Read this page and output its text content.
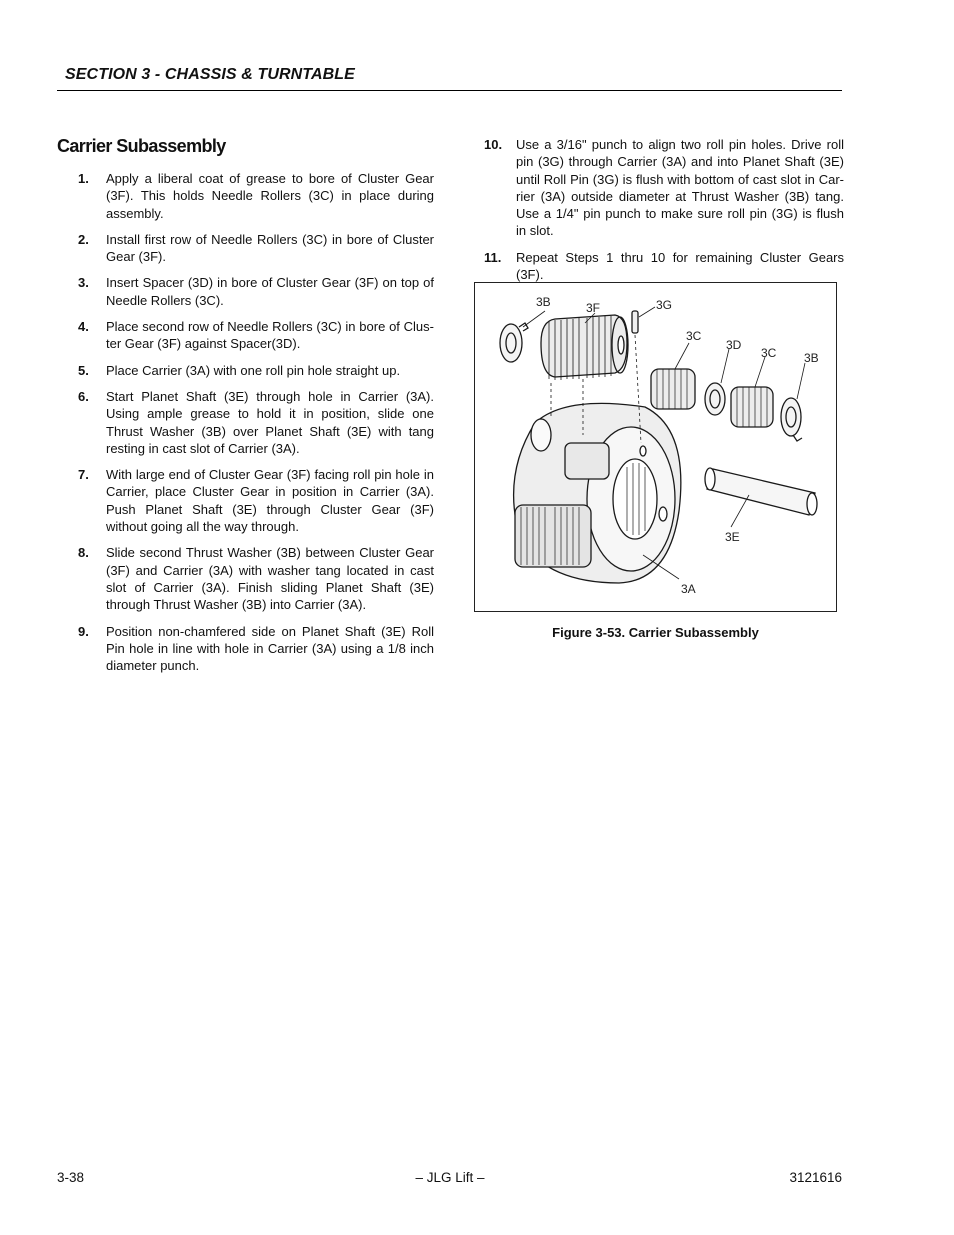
SECTION 3 - CHASSIS & TURNTABLE
Carrier Subassembly
1.	Apply a liberal coat of grease to bore of Cluster Gear (3F). This holds Needle Rollers (3C) in place during assembly.
2.	Install first row of Needle Rollers (3C) in bore of Cluster Gear (3F).
3.	Insert Spacer (3D) in bore of Cluster Gear (3F) on top of Needle Rollers (3C).
4.	Place second row of Needle Rollers (3C) in bore of Clus- ter Gear (3F) against Spacer(3D).
5.	Place Carrier (3A) with one roll pin hole straight up.
6.	Start Planet Shaft (3E) through hole in Carrier (3A). Using ample grease to hold it in position, slide one Thrust Washer (3B) over Planet Shaft (3E) with tang resting in cast slot of Carrier (3A).
7.	With large end of Cluster Gear (3F) facing roll pin hole in Carrier, place Cluster Gear in position in Carrier (3A). Push Planet Shaft (3E) through Cluster Gear (3F) without going all the way through.
8.	Slide second Thrust Washer (3B) between Cluster Gear (3F) and Carrier (3A) with washer tang located in cast slot of Carrier (3A). Finish sliding Planet Shaft (3E) through Thrust Washer (3B) into Carrier (3A).
9.	Position non-chamfered side on Planet Shaft (3E) Roll Pin hole in line with hole in Carrier (3A) using a 1/8 inch diameter punch.
10.	Use a 3/16" punch to align two roll pin holes. Drive roll pin (3G) through Carrier (3A) and into Planet Shaft (3E) until Roll Pin (3G) is flush with bottom of cast slot in Car- rier (3A) outside diameter at Thrust Washer (3B) tang. Use a 1/4" pin punch to make sure roll pin (3G) is flush in slot.
11.	Repeat Steps 1 thru 10 for remaining Cluster Gears (3F).
3B	3F	3G
3C
3D
3C 3B
3E
3A
Figure 3-53. Carrier Subassembly
3-38	– JLG Lift –	3121616
